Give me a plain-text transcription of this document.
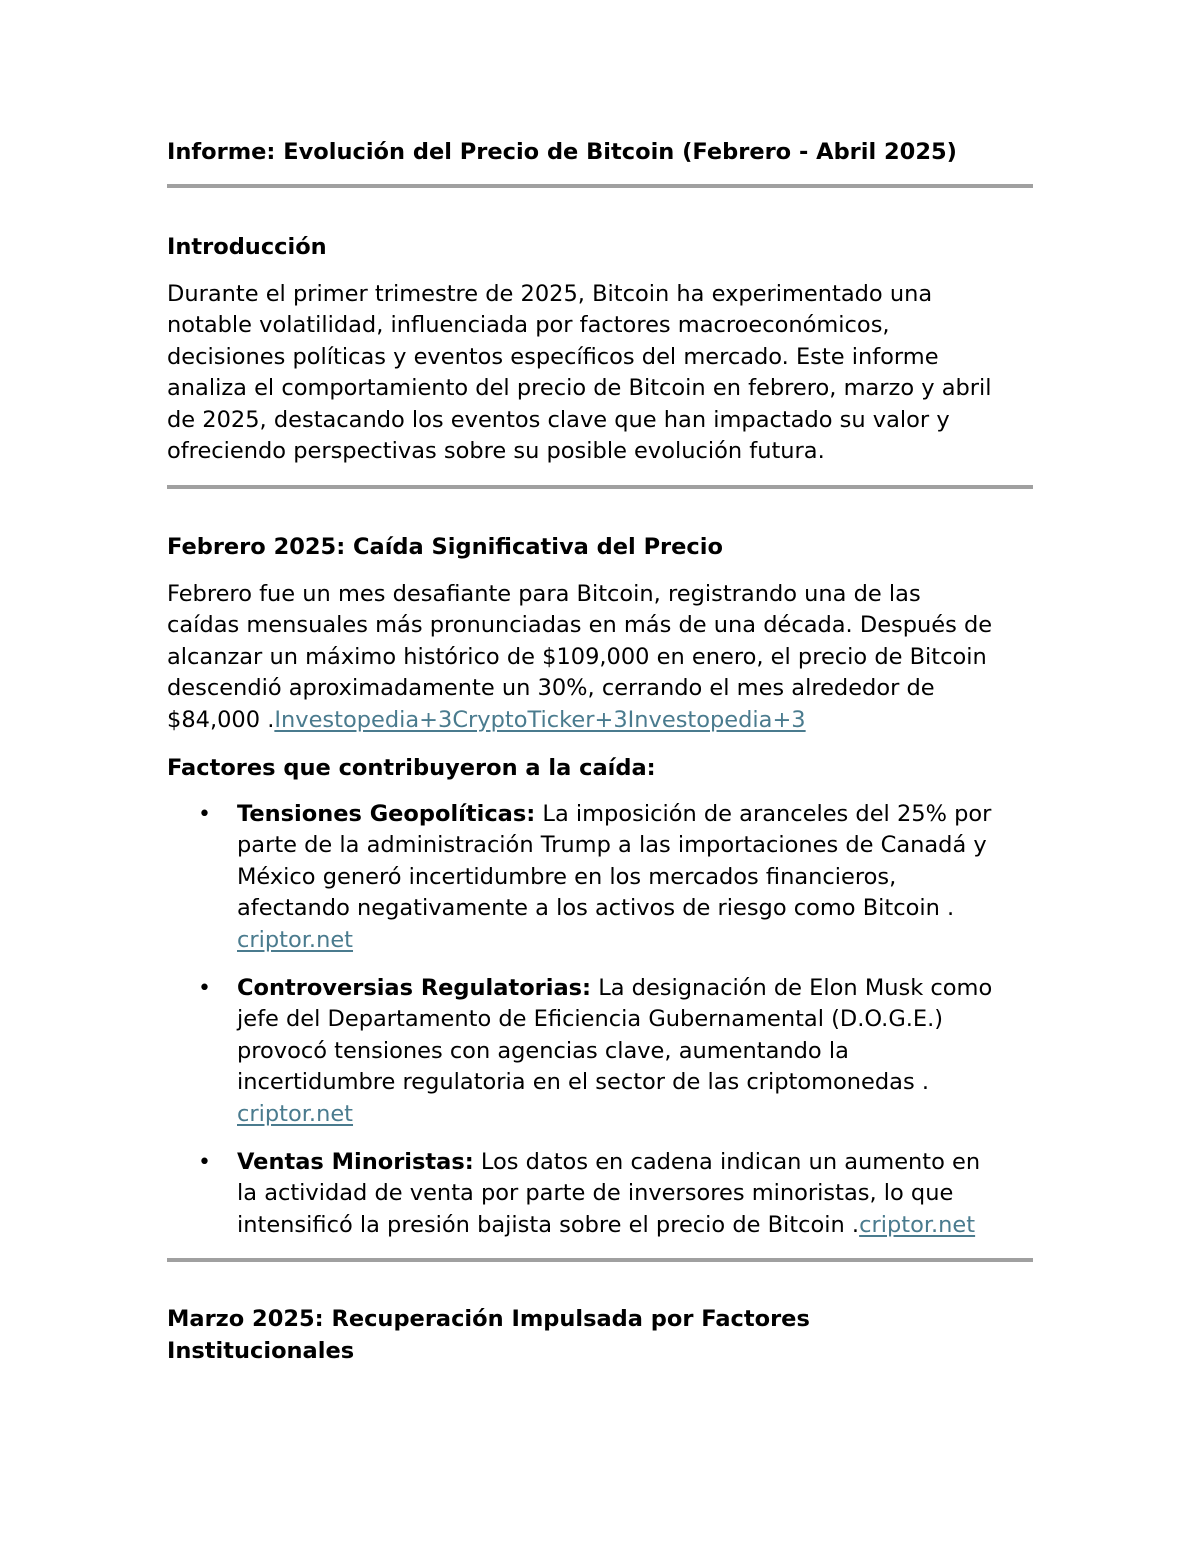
Informe: Evolución del Precio de Bitcoin (Febrero - Abril 2025)
Introducción
Durante el primer trimestre de 2025, Bitcoin ha experimentado una
notable volatilidad, influenciada por factores macroeconómicos,
decisiones políticas y eventos específicos del mercado. Este informe
analiza el comportamiento del precio de Bitcoin en febrero, marzo y abril
de 2025, destacando los eventos clave que han impactado su valor y
ofreciendo perspectivas sobre su posible evolución futura.
Febrero 2025: Caída Significativa del Precio
Febrero fue un mes desafiante para Bitcoin, registrando una de las
caídas mensuales más pronunciadas en más de una década. Después de
alcanzar un máximo histórico de $109,000 en enero, el precio de Bitcoin
descendió aproximadamente un 30%, cerrando el mes alrededor de
$84,000 .Investopedia+3CryptoTicker+3Investopedia+3
Factores que contribuyeron a la caída:
• Tensiones Geopolíticas: La imposición de aranceles del 25% por
parte de la administración Trump a las importaciones de Canadá y
México generó incertidumbre en los mercados financieros,
afectando negativamente a los activos de riesgo como Bitcoin .
criptor.net
• Controversias Regulatorias: La designación de Elon Musk como
jefe del Departamento de Eficiencia Gubernamental (D.O.G.E.)
provocó tensiones con agencias clave, aumentando la
incertidumbre regulatoria en el sector de las criptomonedas .
criptor.net
• Ventas Minoristas: Los datos en cadena indican un aumento en
la actividad de venta por parte de inversores minoristas, lo que
intensificó la presión bajista sobre el precio de Bitcoin .criptor.net
Marzo 2025: Recuperación Impulsada por Factores
Institucionales
